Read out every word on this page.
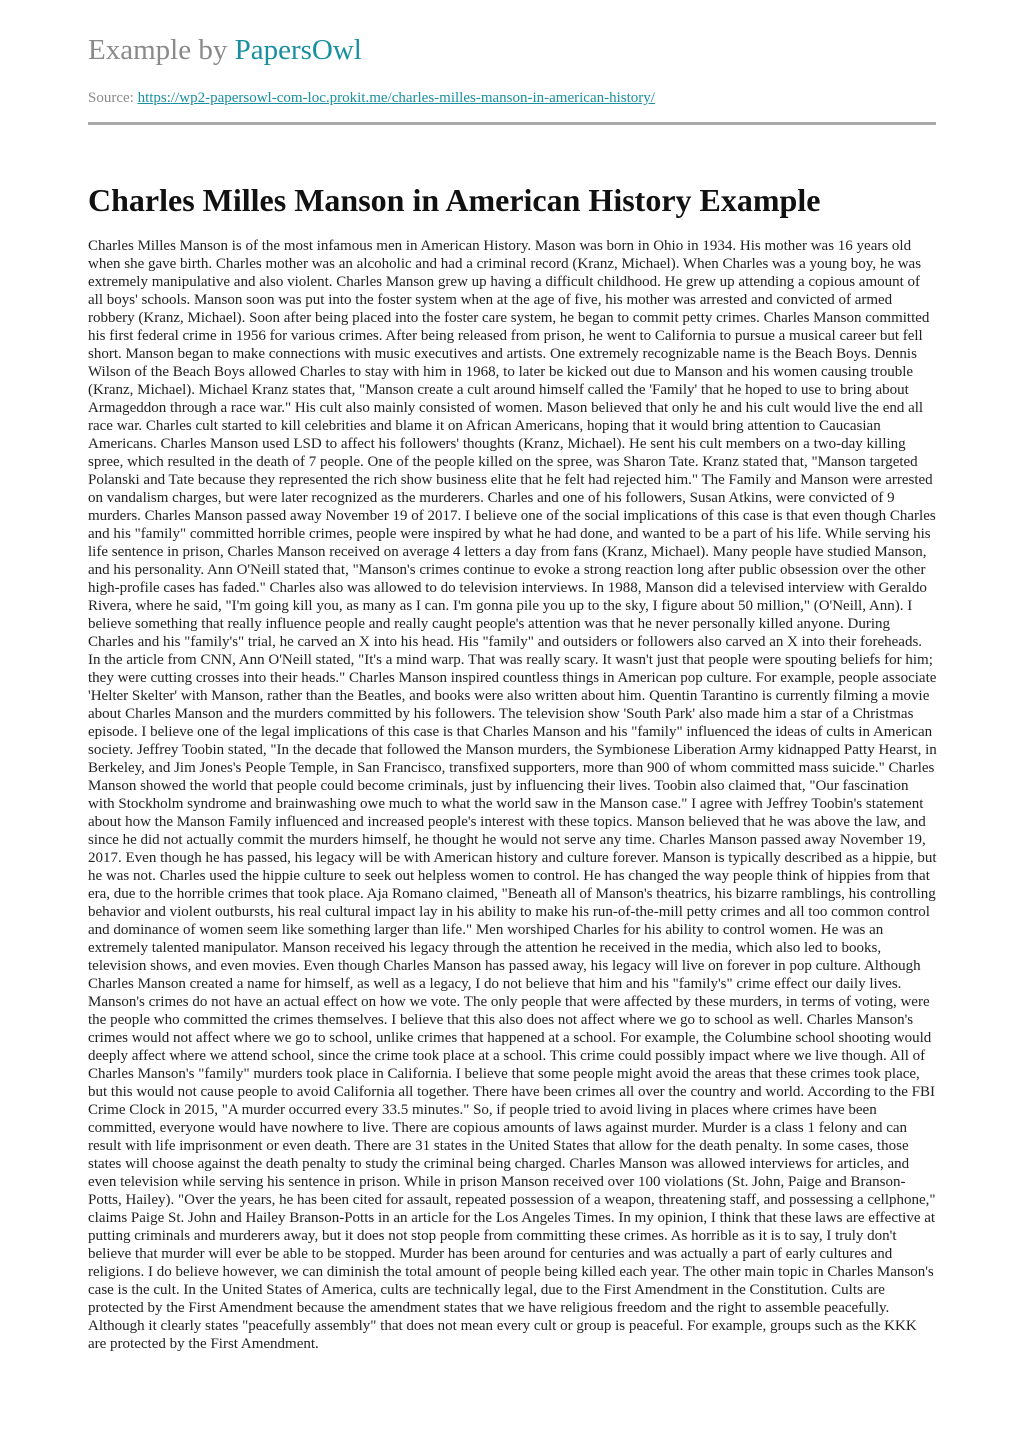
Example by PapersOwl
Source: https://wp2-papersowl-com-loc.prokit.me/charles-milles-manson-in-american-history/
Charles Milles Manson in American History Example

Charles Milles Manson is of the most infamous men in American History. Mason was born in Ohio in 1934. His mother was 16 years old when she gave birth. Charles mother was an alcoholic and had a criminal record (Kranz, Michael). When Charles was a young boy, he was extremely manipulative and also violent. Charles Manson grew up having a difficult childhood. He grew up attending a copious amount of all boys' schools. Manson soon was put into the foster system when at the age of five, his mother was arrested and convicted of armed robbery (Kranz, Michael). Soon after being placed into the foster care system, he began to commit petty crimes. Charles Manson committed his first federal crime in 1956 for various crimes. After being released from prison, he went to California to pursue a musical career but fell short. Manson began to make connections with music executives and artists. One extremely recognizable name is the Beach Boys. Dennis Wilson of the Beach Boys allowed Charles to stay with him in 1968, to later be kicked out due to Manson and his women causing trouble (Kranz, Michael). Michael Kranz states that, "Manson create a cult around himself called the 'Family' that he hoped to use to bring about Armageddon through a race war." His cult also mainly consisted of women. Mason believed that only he and his cult would live the end all race war. Charles cult started to kill celebrities and blame it on African Americans, hoping that it would bring attention to Caucasian Americans. Charles Manson used LSD to affect his followers' thoughts (Kranz, Michael). He sent his cult members on a two-day killing spree, which resulted in the death of 7 people. One of the people killed on the spree, was Sharon Tate. Kranz stated that, "Manson targeted Polanski and Tate because they represented the rich show business elite that he felt had rejected him." The Family and Manson were arrested on vandalism charges, but were later recognized as the murderers. Charles and one of his followers, Susan Atkins, were convicted of 9 murders. Charles Manson passed away November 19 of 2017. I believe one of the social implications of this case is that even though Charles and his "family" committed horrible crimes, people were inspired by what he had done, and wanted to be a part of his life. While serving his life sentence in prison, Charles Manson received on average 4 letters a day from fans (Kranz, Michael). Many people have studied Manson, and his personality. Ann O'Neill stated that, "Manson's crimes continue to evoke a strong reaction long after public obsession over the other high-profile cases has faded." Charles also was allowed to do television interviews. In 1988, Manson did a televised interview with Geraldo Rivera, where he said, "I'm going kill you, as many as I can. I'm gonna pile you up to the sky, I figure about 50 million," (O'Neill, Ann). I believe something that really influence people and really caught people's attention was that he never personally killed anyone. During Charles and his "family's" trial, he carved an X into his head. His "family" and outsiders or followers also carved an X into their foreheads. In the article from CNN, Ann O'Neill stated, "It's a mind warp. That was really scary. It wasn't just that people were spouting beliefs for him; they were cutting crosses into their heads." Charles Manson inspired countless things in American pop culture. For example, people associate 'Helter Skelter' with Manson, rather than the Beatles, and books were also written about him. Quentin Tarantino is currently filming a movie about Charles Manson and the murders committed by his followers. The television show 'South Park' also made him a star of a Christmas episode. I believe one of the legal implications of this case is that Charles Manson and his "family" influenced the ideas of cults in American society. Jeffrey Toobin stated, "In the decade that followed the Manson murders, the Symbionese Liberation Army kidnapped Patty Hearst, in Berkeley, and Jim Jones's People Temple, in San Francisco, transfixed supporters, more than 900 of whom committed mass suicide." Charles Manson showed the world that people could become criminals, just by influencing their lives. Toobin also claimed that, "Our fascination with Stockholm syndrome and brainwashing owe much to what the world saw in the Manson case." I agree with Jeffrey Toobin's statement about how the Manson Family influenced and increased people's interest with these topics. Manson believed that he was above the law, and since he did not actually commit the murders himself, he thought he would not serve any time. Charles Manson passed away November 19, 2017. Even though he has passed, his legacy will be with American history and culture forever. Manson is typically described as a hippie, but he was not. Charles used the hippie culture to seek out helpless women to control. He has changed the way people think of hippies from that era, due to the horrible crimes that took place. Aja Romano claimed, "Beneath all of Manson's theatrics, his bizarre ramblings, his controlling behavior and violent outbursts, his real cultural impact lay in his ability to make his run-of-the-mill petty crimes and all too common control and dominance of women seem like something larger than life." Men worshiped Charles for his ability to control women. He was an extremely talented manipulator. Manson received his legacy through the attention he received in the media, which also led to books, television shows, and even movies. Even though Charles Manson has passed away, his legacy will live on forever in pop culture. Although Charles Manson created a name for himself, as well as a legacy, I do not believe that him and his "family's" crime effect our daily lives. Manson's crimes do not have an actual effect on how we vote. The only people that were affected by these murders, in terms of voting, were the people who committed the crimes themselves. I believe that this also does not affect where we go to school as well. Charles Manson's crimes would not affect where we go to school, unlike crimes that happened at a school. For example, the Columbine school shooting would deeply affect where we attend school, since the crime took place at a school. This crime could possibly impact where we live though. All of Charles Manson's "family" murders took place in California. I believe that some people might avoid the areas that these crimes took place, but this would not cause people to avoid California all together. There have been crimes all over the country and world. According to the FBI Crime Clock in 2015, "A murder occurred every 33.5 minutes." So, if people tried to avoid living in places where crimes have been committed, everyone would have nowhere to live. There are copious amounts of laws against murder. Murder is a class 1 felony and can result with life imprisonment or even death. There are 31 states in the United States that allow for the death penalty. In some cases, those states will choose against the death penalty to study the criminal being charged. Charles Manson was allowed interviews for articles, and even television while serving his sentence in prison. While in prison Manson received over 100 violations (St. John, Paige and Branson-Potts, Hailey). "Over the years, he has been cited for assault, repeated possession of a weapon, threatening staff, and possessing a cellphone," claims Paige St. John and Hailey Branson-Potts in an article for the Los Angeles Times. In my opinion, I think that these laws are effective at putting criminals and murderers away, but it does not stop people from committing these crimes. As horrible as it is to say, I truly don't believe that murder will ever be able to be stopped. Murder has been around for centuries and was actually a part of early cultures and religions. I do believe however, we can diminish the total amount of people being killed each year. The other main topic in Charles Manson's case is the cult. In the United States of America, cults are technically legal, due to the First Amendment in the Constitution. Cults are protected by the First Amendment because the amendment states that we have religious freedom and the right to assemble peacefully. Although it clearly states "peacefully assembly" that does not mean every cult or group is peaceful. For example, groups such as the KKK are protected by the First Amendment.
